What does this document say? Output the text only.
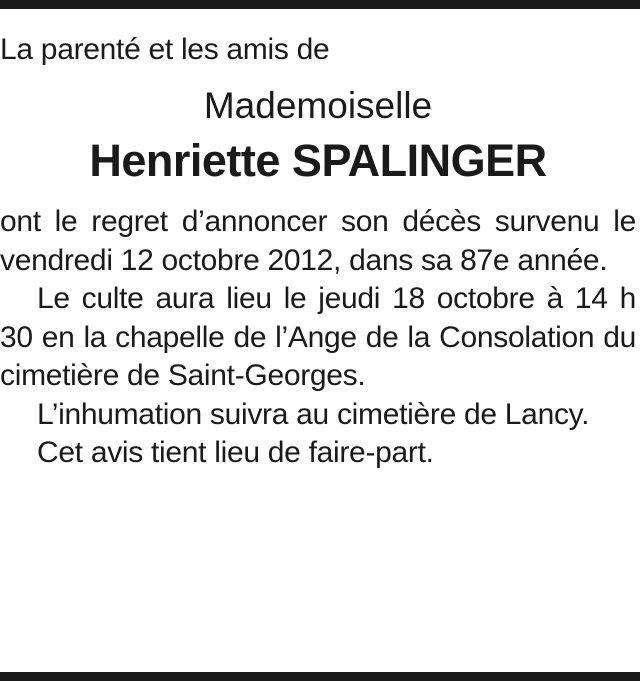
La parenté et les amis de

Mademoiselle

Henriette SPALINGER

ont le regret d’annoncer son décès survenu le vendredi 12 octobre 2012, dans sa 87e année.

Le culte aura lieu le jeudi 18 octobre à 14 h 30 en la chapelle de l’Ange de la Consolation du cimetière de Saint-Georges.

L’inhumation suivra au cimetière de Lancy.

Cet avis tient lieu de faire-part.
